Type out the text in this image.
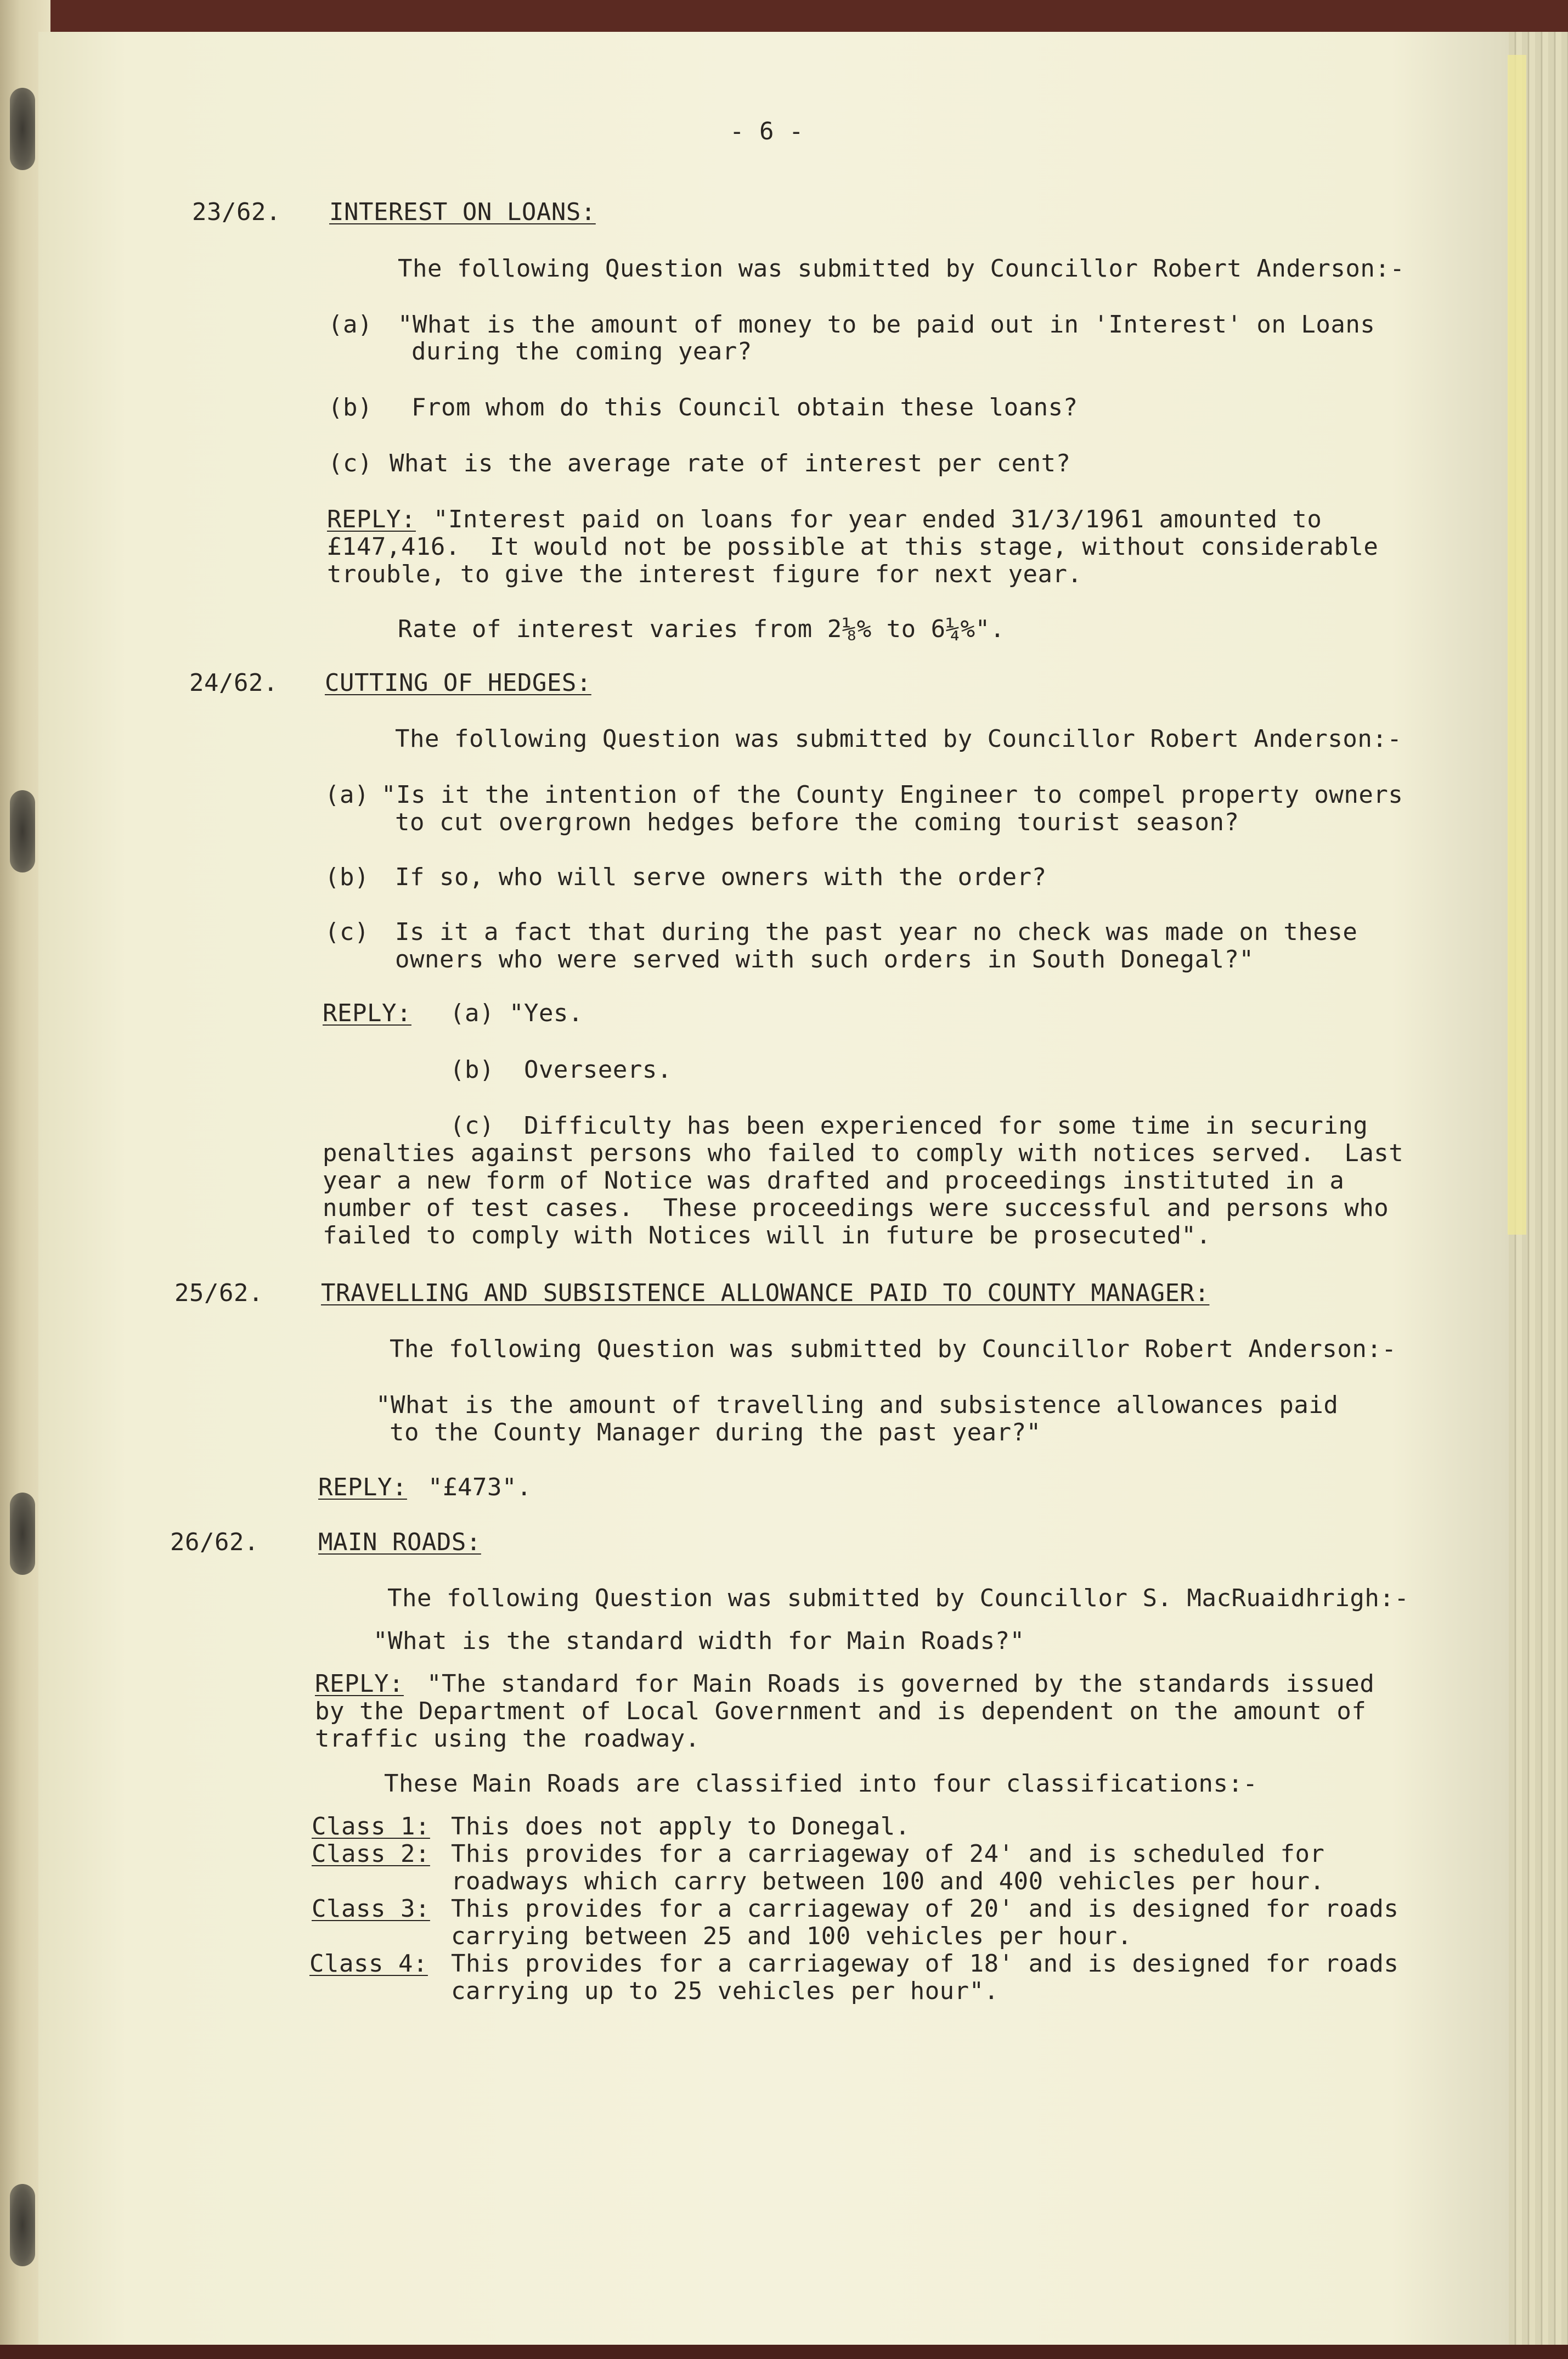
- 6 -
23/62. INTEREST ON LOANS:
The following Question was submitted by Councillor Robert Anderson:-
(a) "What is the amount of money to be paid out in 'Interest' on Loans
during the coming year?
(b) From whom do this Council obtain these loans?
(c) What is the average rate of interest per cent?
REPLY: "Interest paid on loans for year ended 31/3/1961 amounted to
£147,416.  It would not be possible at this stage, without considerable
trouble, to give the interest figure for next year.
Rate of interest varies from 2⅛% to 6¼%".
24/62. CUTTING OF HEDGES:
The following Question was submitted by Councillor Robert Anderson:-
(a) "Is it the intention of the County Engineer to compel property owners
to cut overgrown hedges before the coming tourist season?
(b) If so, who will serve owners with the order?
(c) Is it a fact that during the past year no check was made on these
owners who were served with such orders in South Donegal?"
REPLY: (a) "Yes.
(b)  Overseers.
(c)  Difficulty has been experienced for some time in securing
penalties against persons who failed to comply with notices served.  Last
year a new form of Notice was drafted and proceedings instituted in a
number of test cases.  These proceedings were successful and persons who
failed to comply with Notices will in future be prosecuted".
25/62. TRAVELLING AND SUBSISTENCE ALLOWANCE PAID TO COUNTY MANAGER:
The following Question was submitted by Councillor Robert Anderson:-
"What is the amount of travelling and subsistence allowances paid
to the County Manager during the past year?"
REPLY: "£473".
26/62. MAIN ROADS:
The following Question was submitted by Councillor S. MacRuaidhrigh:-
"What is the standard width for Main Roads?"
REPLY: "The standard for Main Roads is governed by the standards issued
by the Department of Local Government and is dependent on the amount of
traffic using the roadway.
These Main Roads are classified into four classifications:-
Class 1: This does not apply to Donegal.
Class 2: This provides for a carriageway of 24' and is scheduled for
roadways which carry between 100 and 400 vehicles per hour.
Class 3: This provides for a carriageway of 20' and is designed for roads
carrying between 25 and 100 vehicles per hour.
Class 4: This provides for a carriageway of 18' and is designed for roads
carrying up to 25 vehicles per hour".
